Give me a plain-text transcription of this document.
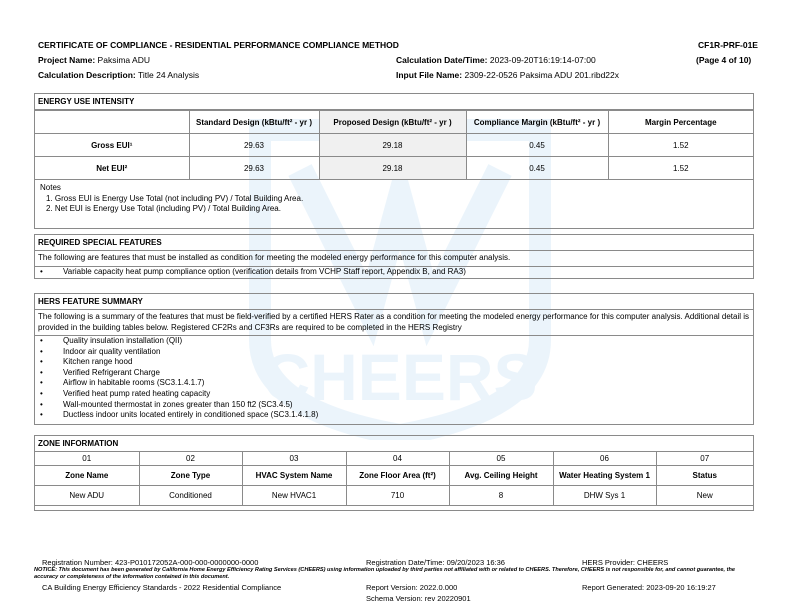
CHEERS
CERTIFICATE OF COMPLIANCE - RESIDENTIAL PERFORMANCE COMPLIANCE METHOD	CF1R-PRF-01E
Project Name: Paksima ADU	Calculation Date/Time: 2023-09-20T16:19:14-07:00	(Page 4 of 10)
Calculation Description: Title 24 Analysis	Input File Name: 2309-22-0526 Paksima ADU 201.ribd22x
ENERGY USE INTENSITY
	Standard Design (kBtu/ft² - yr )	Proposed Design (kBtu/ft² - yr )	Compliance Margin (kBtu/ft² - yr )	Margin Percentage
Gross EUI¹	29.63	29.18	0.45	1.52
Net EUI²	29.63	29.18	0.45	1.52
Notes
1. Gross EUI is Energy Use Total (not including PV) / Total Building Area.
2. Net EUI is Energy Use Total (including PV) / Total Building Area.
REQUIRED SPECIAL FEATURES
The following are features that must be installed as condition for meeting the modeled energy performance for this computer analysis.
•	Variable capacity heat pump compliance option (verification details from VCHP Staff report, Appendix B, and RA3)
HERS FEATURE SUMMARY
The following is a summary of the features that must be field-verified by a certified HERS Rater as a condition for meeting the modeled energy performance for this computer analysis. Additional detail is provided in the building tables below. Registered CF2Rs and CF3Rs are required to be completed in the HERS Registry
•	Quality insulation installation (QII)
•	Indoor air quality ventilation
•	Kitchen range hood
•	Verified Refrigerant Charge
•	Airflow in habitable rooms (SC3.1.4.1.7)
•	Verified heat pump rated heating capacity
•	Wall-mounted thermostat in zones greater than 150 ft2 (SC3.4.5)
•	Ductless indoor units located entirely in conditioned space (SC3.1.4.1.8)
ZONE INFORMATION
01	02	03	04	05	06	07
Zone Name	Zone Type	HVAC System Name	Zone Floor Area (ft²)	Avg. Ceiling Height	Water Heating System 1	Status
New ADU	Conditioned	New HVAC1	710	8	DHW Sys 1	New
Registration Number: 423-P010172052A-000-000-0000000-0000	Registration Date/Time: 09/20/2023 16:36	HERS Provider: CHEERS
NOTICE: This document has been generated by California Home Energy Efficiency Rating Services (CHEERS) using information uploaded by third parties not affiliated with or related to CHEERS. Therefore, CHEERS is not responsible for, and cannot guarantee, the accuracy or completeness of the information contained in this document.
CA Building Energy Efficiency Standards - 2022 Residential Compliance	Report Version: 2022.0.000	Report Generated: 2023-09-20 16:19:27
Schema Version: rev 20220901
